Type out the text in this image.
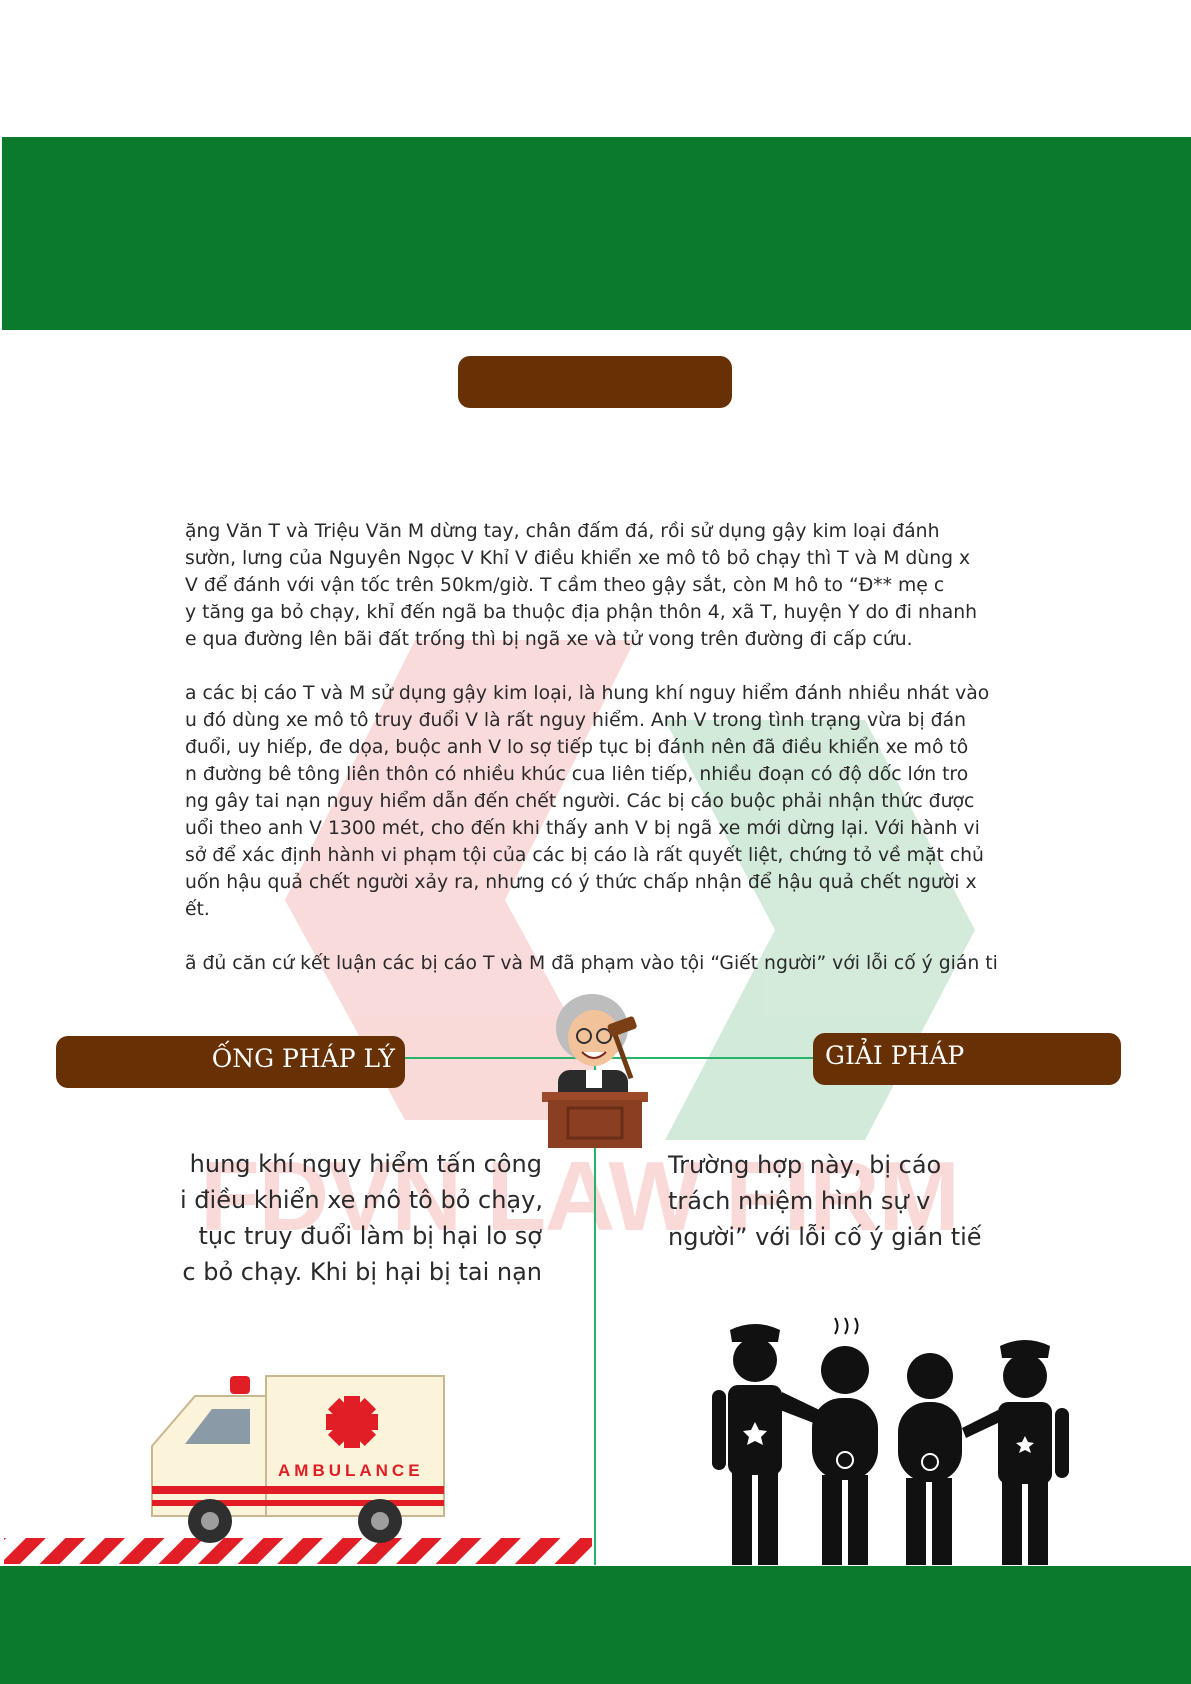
FDVN LAW FIRM
ặng Văn T và Triệu Văn M dừng tay, chân đấm đá, rồi sử dụng gậy kim loại đánh
sườn, lưng của Nguyên Ngọc V Khỉ V điều khiển xe mô tô bỏ chạy thì T và M dùng x
V để đánh với vận tốc trên 50km/giờ. T cầm theo gậy sắt, còn M hô to “Đ** mẹ c
y tăng ga bỏ chạy, khỉ đến ngã ba thuộc địa phận thôn 4, xã T, huyện Y do đi nhanh
e qua đường lên bãi đất trống thì bị ngã xe và tử vong trên đường đi cấp cứu.
a các bị cáo T và M sử dụng gậy kim loại, là hung khí nguy hiểm đánh nhiều nhát vào
u đó dùng xe mô tô truy đuổi V là rất nguy hiểm. Anh V trong tình trạng vừa bị đán
đuổi, uy hiếp, đe dọa, buộc anh V lo sợ tiếp tục bị đánh nên đã điều khiển xe mô tô
n đường bê tông liên thôn có nhiều khúc cua liên tiếp, nhiều đoạn có độ dốc lớn tro
ng gây tai nạn nguy hiểm dẫn đến chết người. Các bị cáo buộc phải nhận thức được
uổi theo anh V 1300 mét, cho đến khi thấy anh V bị ngã xe mới dừng lại. Với hành vi
sở để xác định hành vi phạm tội của các bị cáo là rất quyết liệt, chứng tỏ về mặt chủ
uốn hậu quả chết người xảy ra, nhưng có ý thức chấp nhận để hậu quả chết người x
ết.
ã đủ căn cứ kết luận các bị cáo T và M đã phạm vào tội “Giết người” với lỗi cố ý gián ti
ỐNG PHÁP LÝ	GIẢI PHÁP
hung khí nguy hiểm tấn công
i điều khiển xe mô tô bỏ chạy,
tục truy đuổi làm bị hại lo sợ
c bỏ chạy. Khi bị hại bị tai nạn
Trường hợp này, bị cáo
trách nhiệm hình sự v
người” với lỗi cố ý gián tiế
AMBULANCE
